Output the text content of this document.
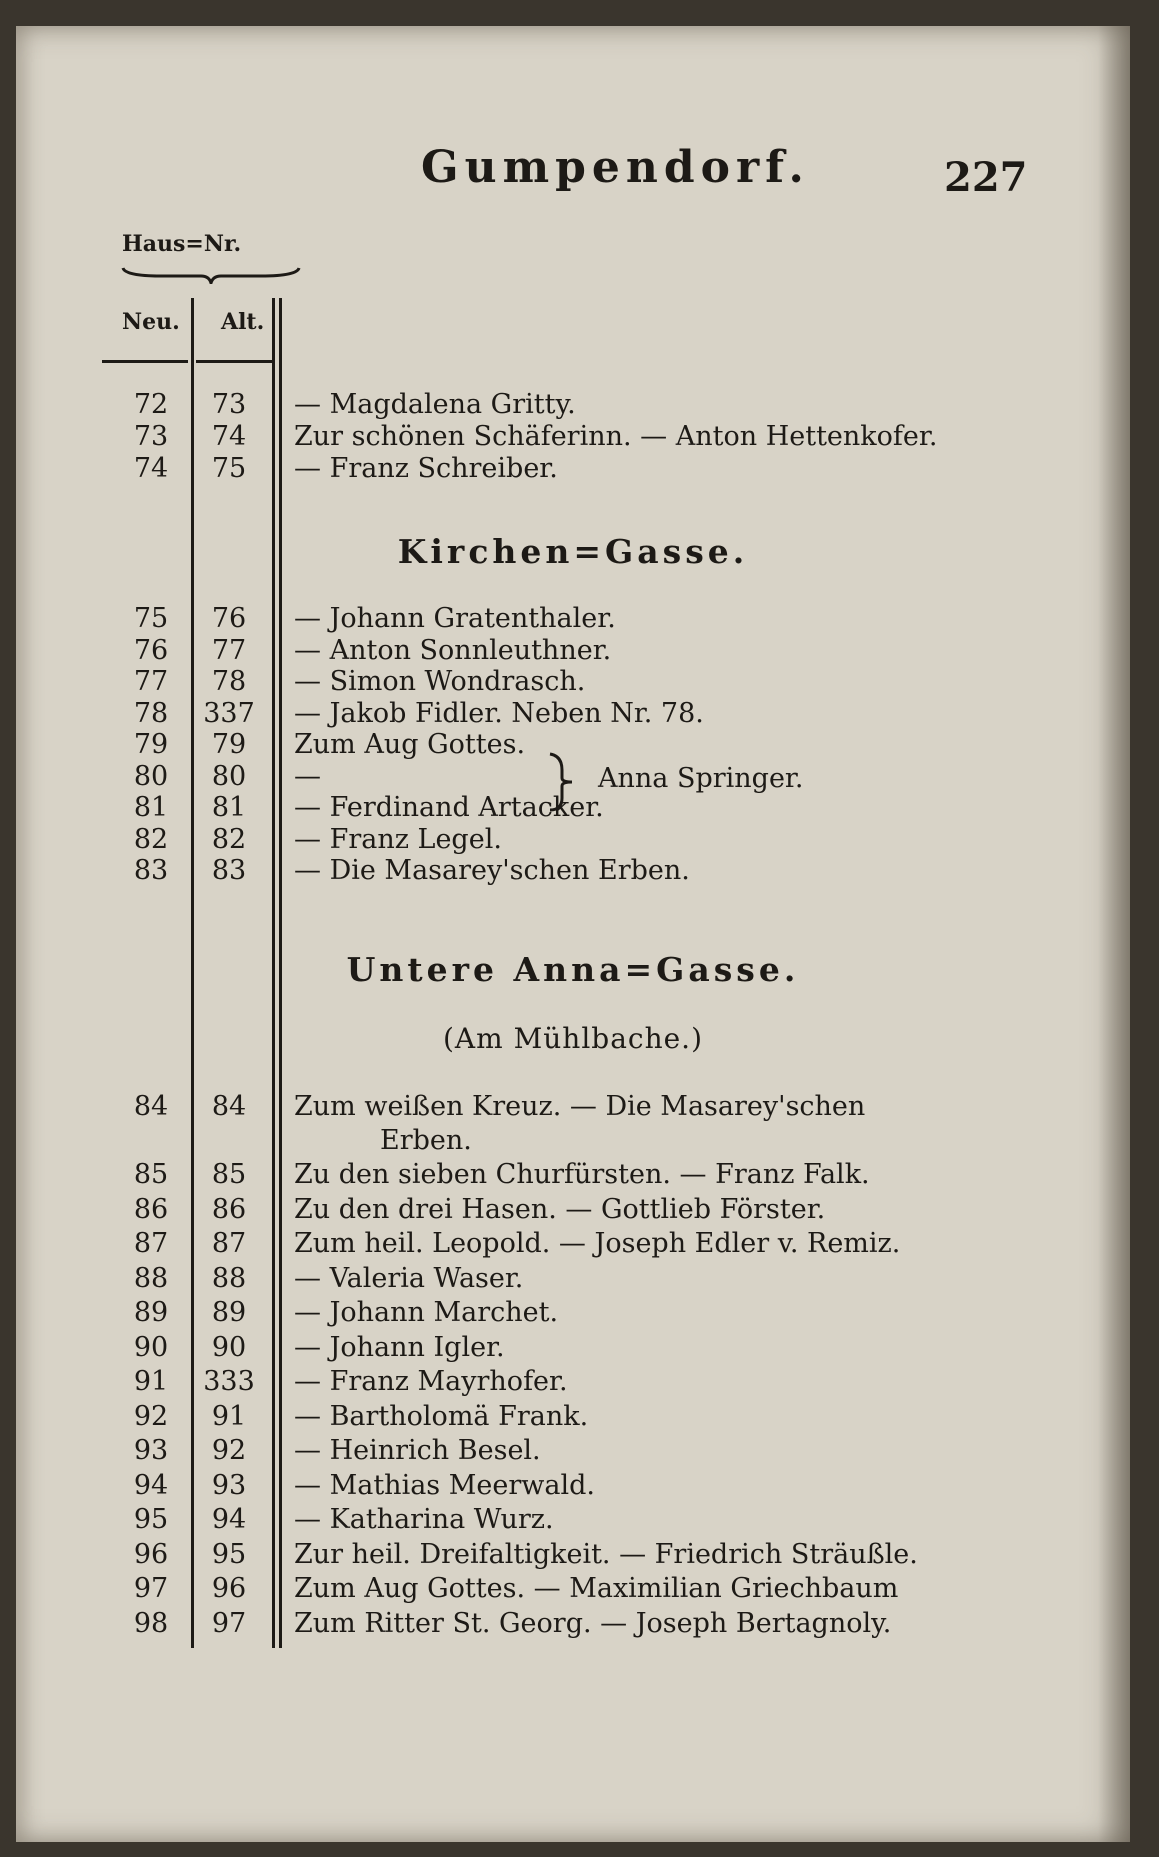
Gumpendorf.	227
Haus=Nr.
Neu. Alt.
72	73	— Magdalena Gritty.
73	74	Zur schönen Schäferinn. — Anton Hettenkofer.
74	75	— Franz Schreiber.
Kirchen=Gasse.
75	76	— Johann Gratenthaler.
76	77	— Anton Sonnleuthner.
77	78	— Simon Wondrasch.
78	337	— Jakob Fidler. Neben Nr. 78.
79	79	Zum Aug Gottes.
80	80	—
81	81	— Ferdinand Artacker.
82	82	— Franz Legel.
83	83	— Die Masarey'schen Erben.
Anna Springer.
Untere Anna=Gasse.
(Am Mühlbache.)
84	84	Zum weißen Kreuz. — Die Masarey'schen
Erben.
85	85	Zu den sieben Churfürsten. — Franz Falk.
86	86	Zu den drei Hasen. — Gottlieb Förster.
87	87	Zum heil. Leopold. — Joseph Edler v. Remiz.
88	88	— Valeria Waser.
89	89	— Johann Marchet.
90	90	— Johann Igler.
91	333	— Franz Mayrhofer.
92	91	— Bartholomä Frank.
93	92	— Heinrich Besel.
94	93	— Mathias Meerwald.
95	94	— Katharina Wurz.
96	95	Zur heil. Dreifaltigkeit. — Friedrich Sträußle.
97	96	Zum Aug Gottes. — Maximilian Griechbaum
98	97	Zum Ritter St. Georg. — Joseph Bertagnoly.
